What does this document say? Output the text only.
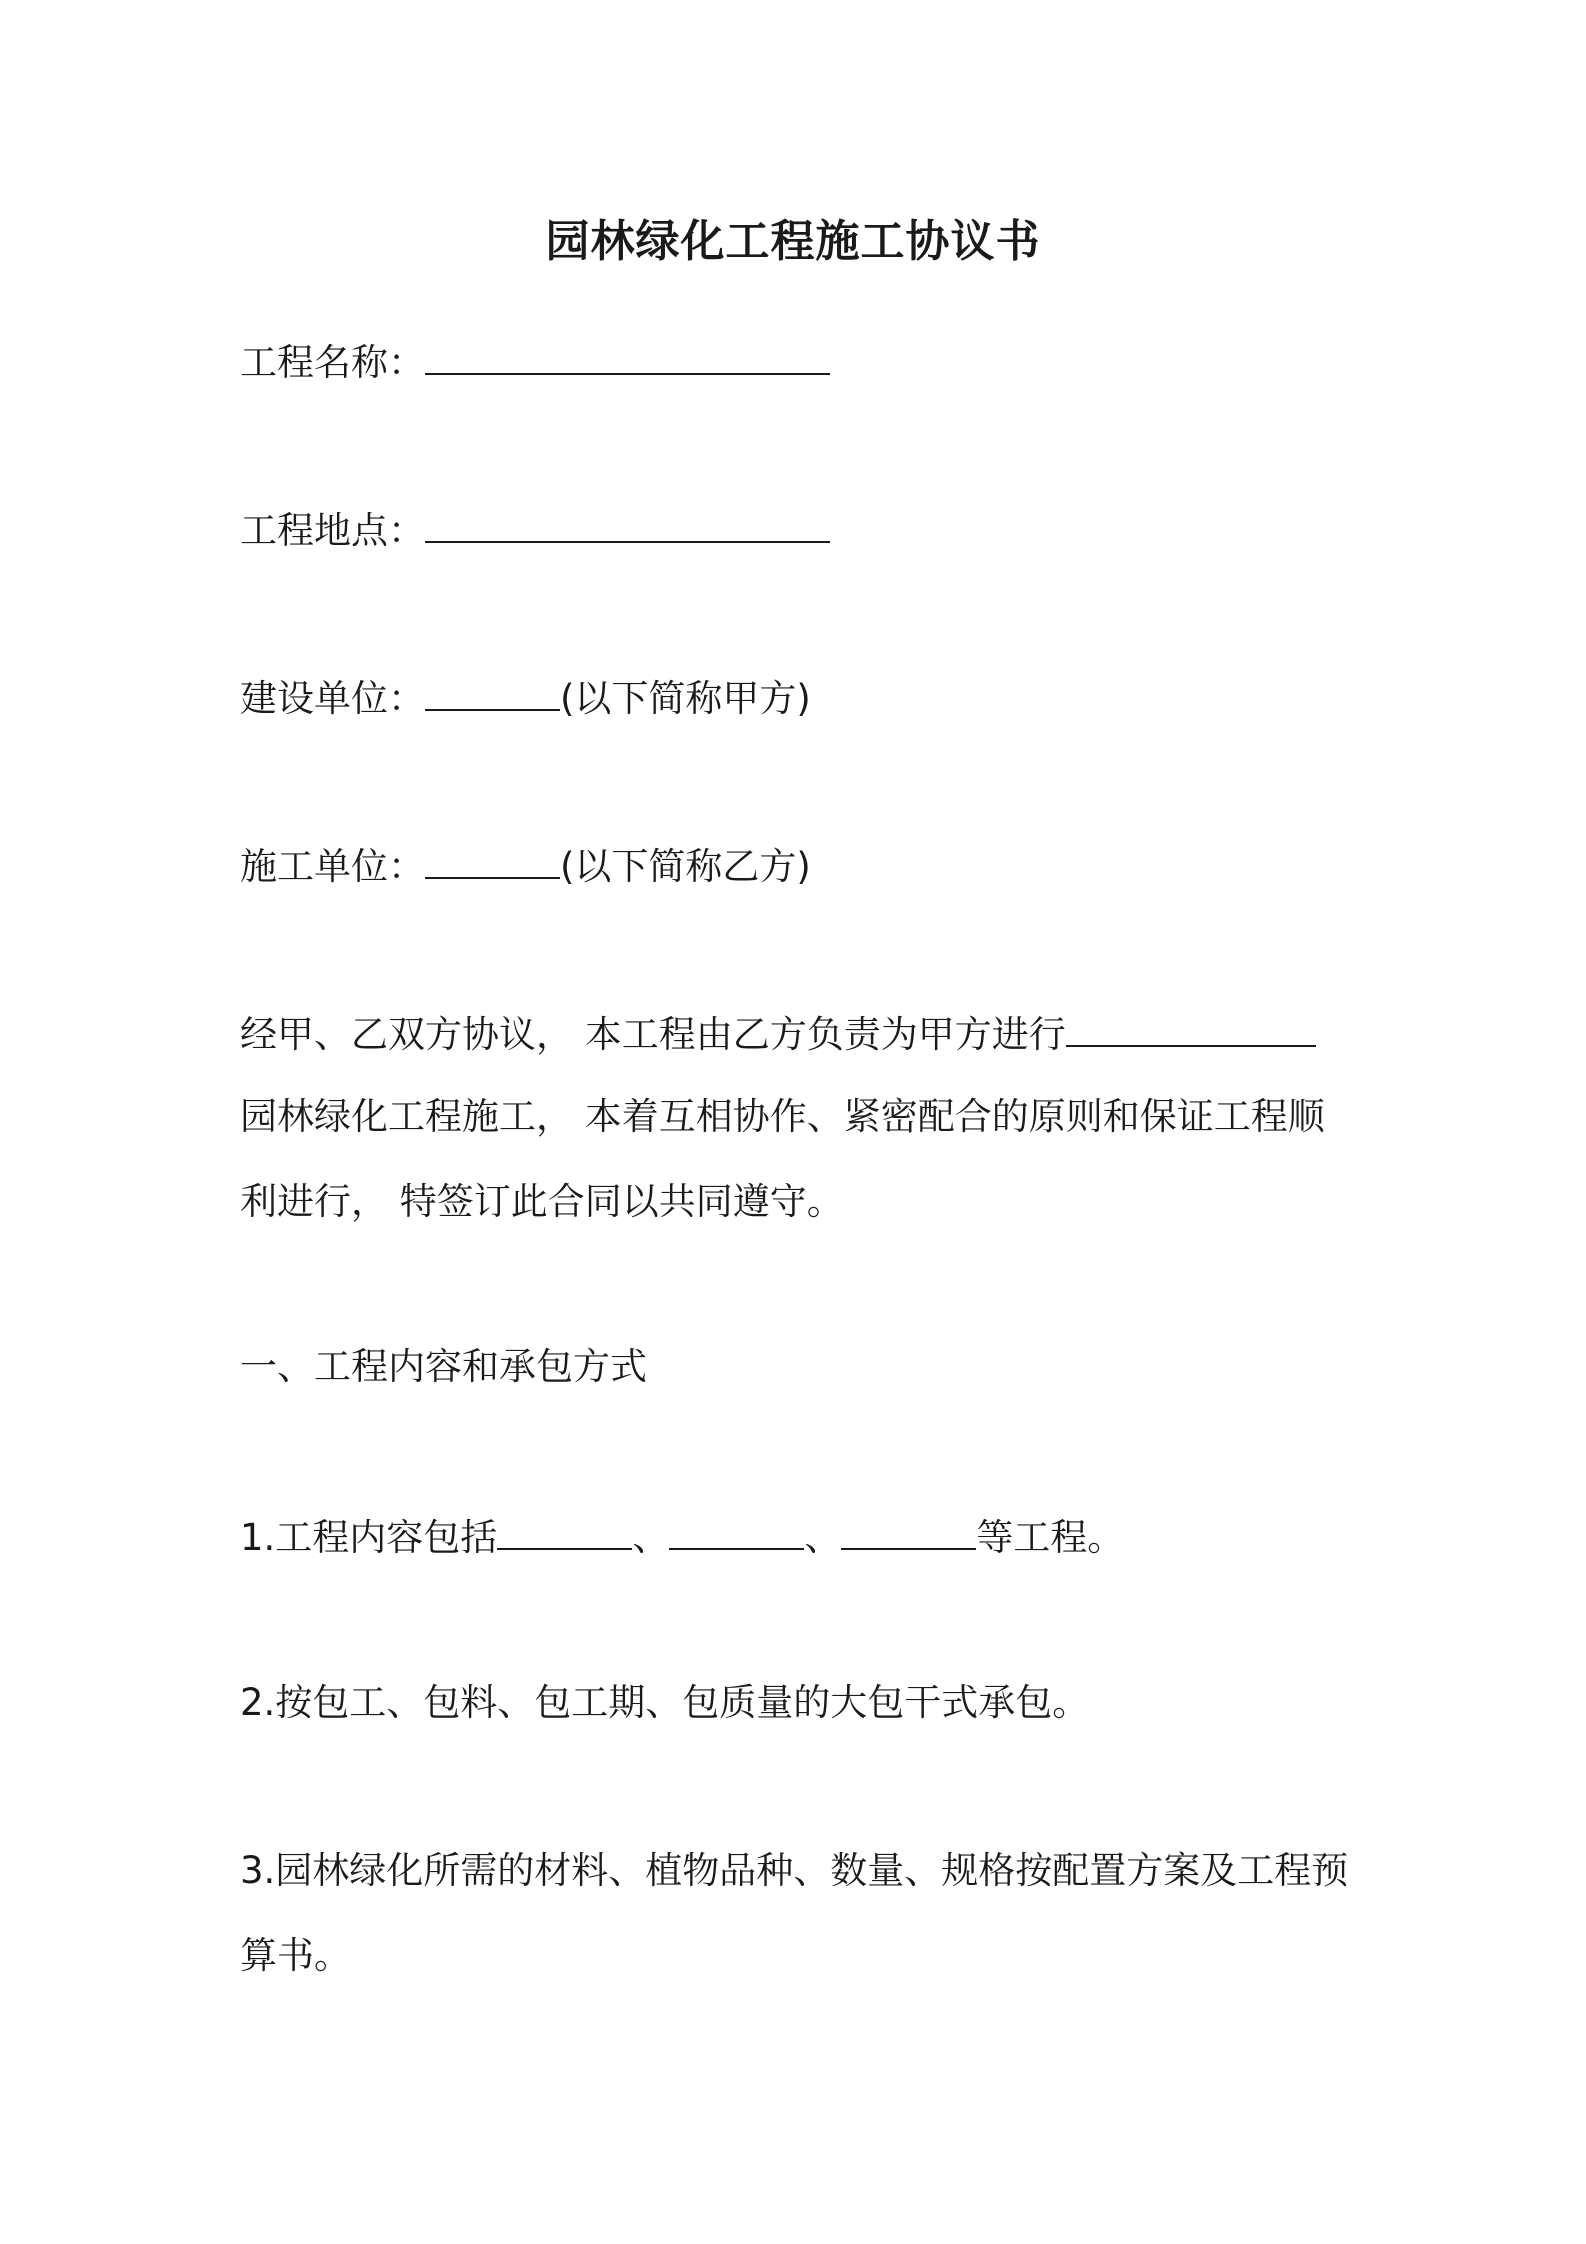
园林绿化工程施工协议书

工程名称：

工程地点：

建设单位：	(以下简称甲方)

施工单位：	(以下简称乙方)

经甲、乙双方协议， 本工程由乙方负责为甲方进行

园林绿化工程施工， 本着互相协作、紧密配合的原则和保证工程顺

利进行， 特签订此合同以共同遵守。

一、工程内容和承包方式

1.工程内容包括	、	、	等工程。

2.按包工、包料、包工期、包质量的大包干式承包。

3.园林绿化所需的材料、植物品种、数量、规格按配置方案及工程预

算书。
